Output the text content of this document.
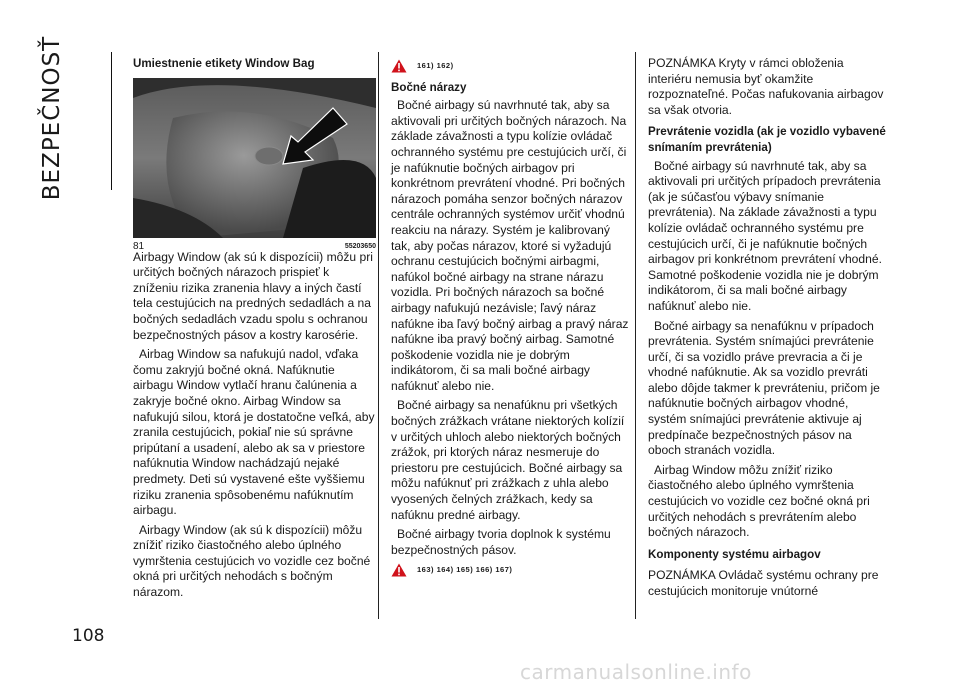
BEZPEČNOSŤ
108
Umiestnenie etikety Window Bag
81	55203650

Airbagy Window (ak sú k dispozícii) môžu pri určitých bočných nárazoch prispieť k zníženiu rizika zranenia hlavy a iných častí tela cestujúcich na predných sedadlách a na bočných sedadlách vzadu spolu s ochranou bezpečnostných pásov a kostry karosérie.

Airbag Window sa nafukujú nadol, vďaka čomu zakryjú bočné okná. Nafúknutie airbagu Window vytlačí hranu čalúnenia a zakryje bočné okno. Airbag Window sa nafukujú silou, ktorá je dostatočne veľká, aby zranila cestujúcich, pokiaľ nie sú správne pripútaní a usadení, alebo ak sa v priestore nafúknutia Window nachádzajú nejaké predmety. Deti sú vystavené ešte vyššiemu riziku zranenia spôsobenému nafúknutím airbagu.

Airbagy Window (ak sú k dispozícii) môžu znížiť riziko čiastočného alebo úplného vymrštenia cestujúcich vo vozidle cez bočné okná pri určitých nehodách s bočným nárazom.

161) 162)
Bočné nárazy

Bočné airbagy sú navrhnuté tak, aby sa aktivovali pri určitých bočných nárazoch. Na základe závažnosti a typu kolízie ovládač ochranného systému pre cestujúcich určí, či je nafúknutie bočných airbagov pri konkrétnom prevrátení vhodné. Pri bočných nárazoch pomáha senzor bočných nárazov centrále ochranných systémov určiť vhodnú reakciu na nárazy. Systém je kalibrovaný tak, aby počas nárazov, ktoré si vyžadujú ochranu cestujúcich bočnými airbagmi, nafúkol bočné airbagy na strane nárazu vozidla. Pri bočných nárazoch sa bočné airbagy nafukujú nezávisle; ľavý náraz nafúkne iba ľavý bočný airbag a pravý náraz nafúkne iba pravý bočný airbag. Samotné poškodenie vozidla nie je dobrým indikátorom, či sa mali bočné airbagy nafúknuť alebo nie.

Bočné airbagy sa nenafúknu pri všetkých bočných zrážkach vrátane niektorých kolízií v určitých uhloch alebo niektorých bočných zrážok, pri ktorých náraz nesmeruje do priestoru pre cestujúcich. Bočné airbagy sa môžu nafúknuť pri zrážkach z uhla alebo vyosených čelných zrážkach, kedy sa nafúknu predné airbagy.

Bočné airbagy tvoria doplnok k systému bezpečnostných pásov.

163) 164) 165) 166) 167)

POZNÁMKA Kryty v rámci obloženia interiéru nemusia byť okamžite rozpoznateľné. Počas nafukovania airbagov sa však otvoria.

Prevrátenie vozidla (ak je vozidlo vybavené snímaním prevrátenia)

Bočné airbagy sú navrhnuté tak, aby sa aktivovali pri určitých prípadoch prevrátenia (ak je súčasťou výbavy snímanie prevrátenia). Na základe závažnosti a typu kolízie ovládač ochranného systému pre cestujúcich určí, či je nafúknutie bočných airbagov pri konkrétnom prevrátení vhodné. Samotné poškodenie vozidla nie je dobrým indikátorom, či sa mali bočné airbagy nafúknuť alebo nie.

Bočné airbagy sa nenafúknu v prípadoch prevrátenia. Systém snímajúci prevrátenie určí, či sa vozidlo práve prevracia a či je vhodné nafúknutie. Ak sa vozidlo prevráti alebo dôjde takmer k prevráteniu, pričom je nafúknutie bočných airbagov vhodné, systém snímajúci prevrátenie aktivuje aj predpínače bezpečnostných pásov na oboch stranách vozidla.

Airbag Window môžu znížiť riziko čiastočného alebo úplného vymrštenia cestujúcich vo vozidle cez bočné okná pri určitých nehodách s prevrátením alebo bočných nárazoch.

Komponenty systému airbagov

POZNÁMKA Ovládač systému ochrany pre cestujúcich monitoruje vnútorné

carmanualsonline.info
